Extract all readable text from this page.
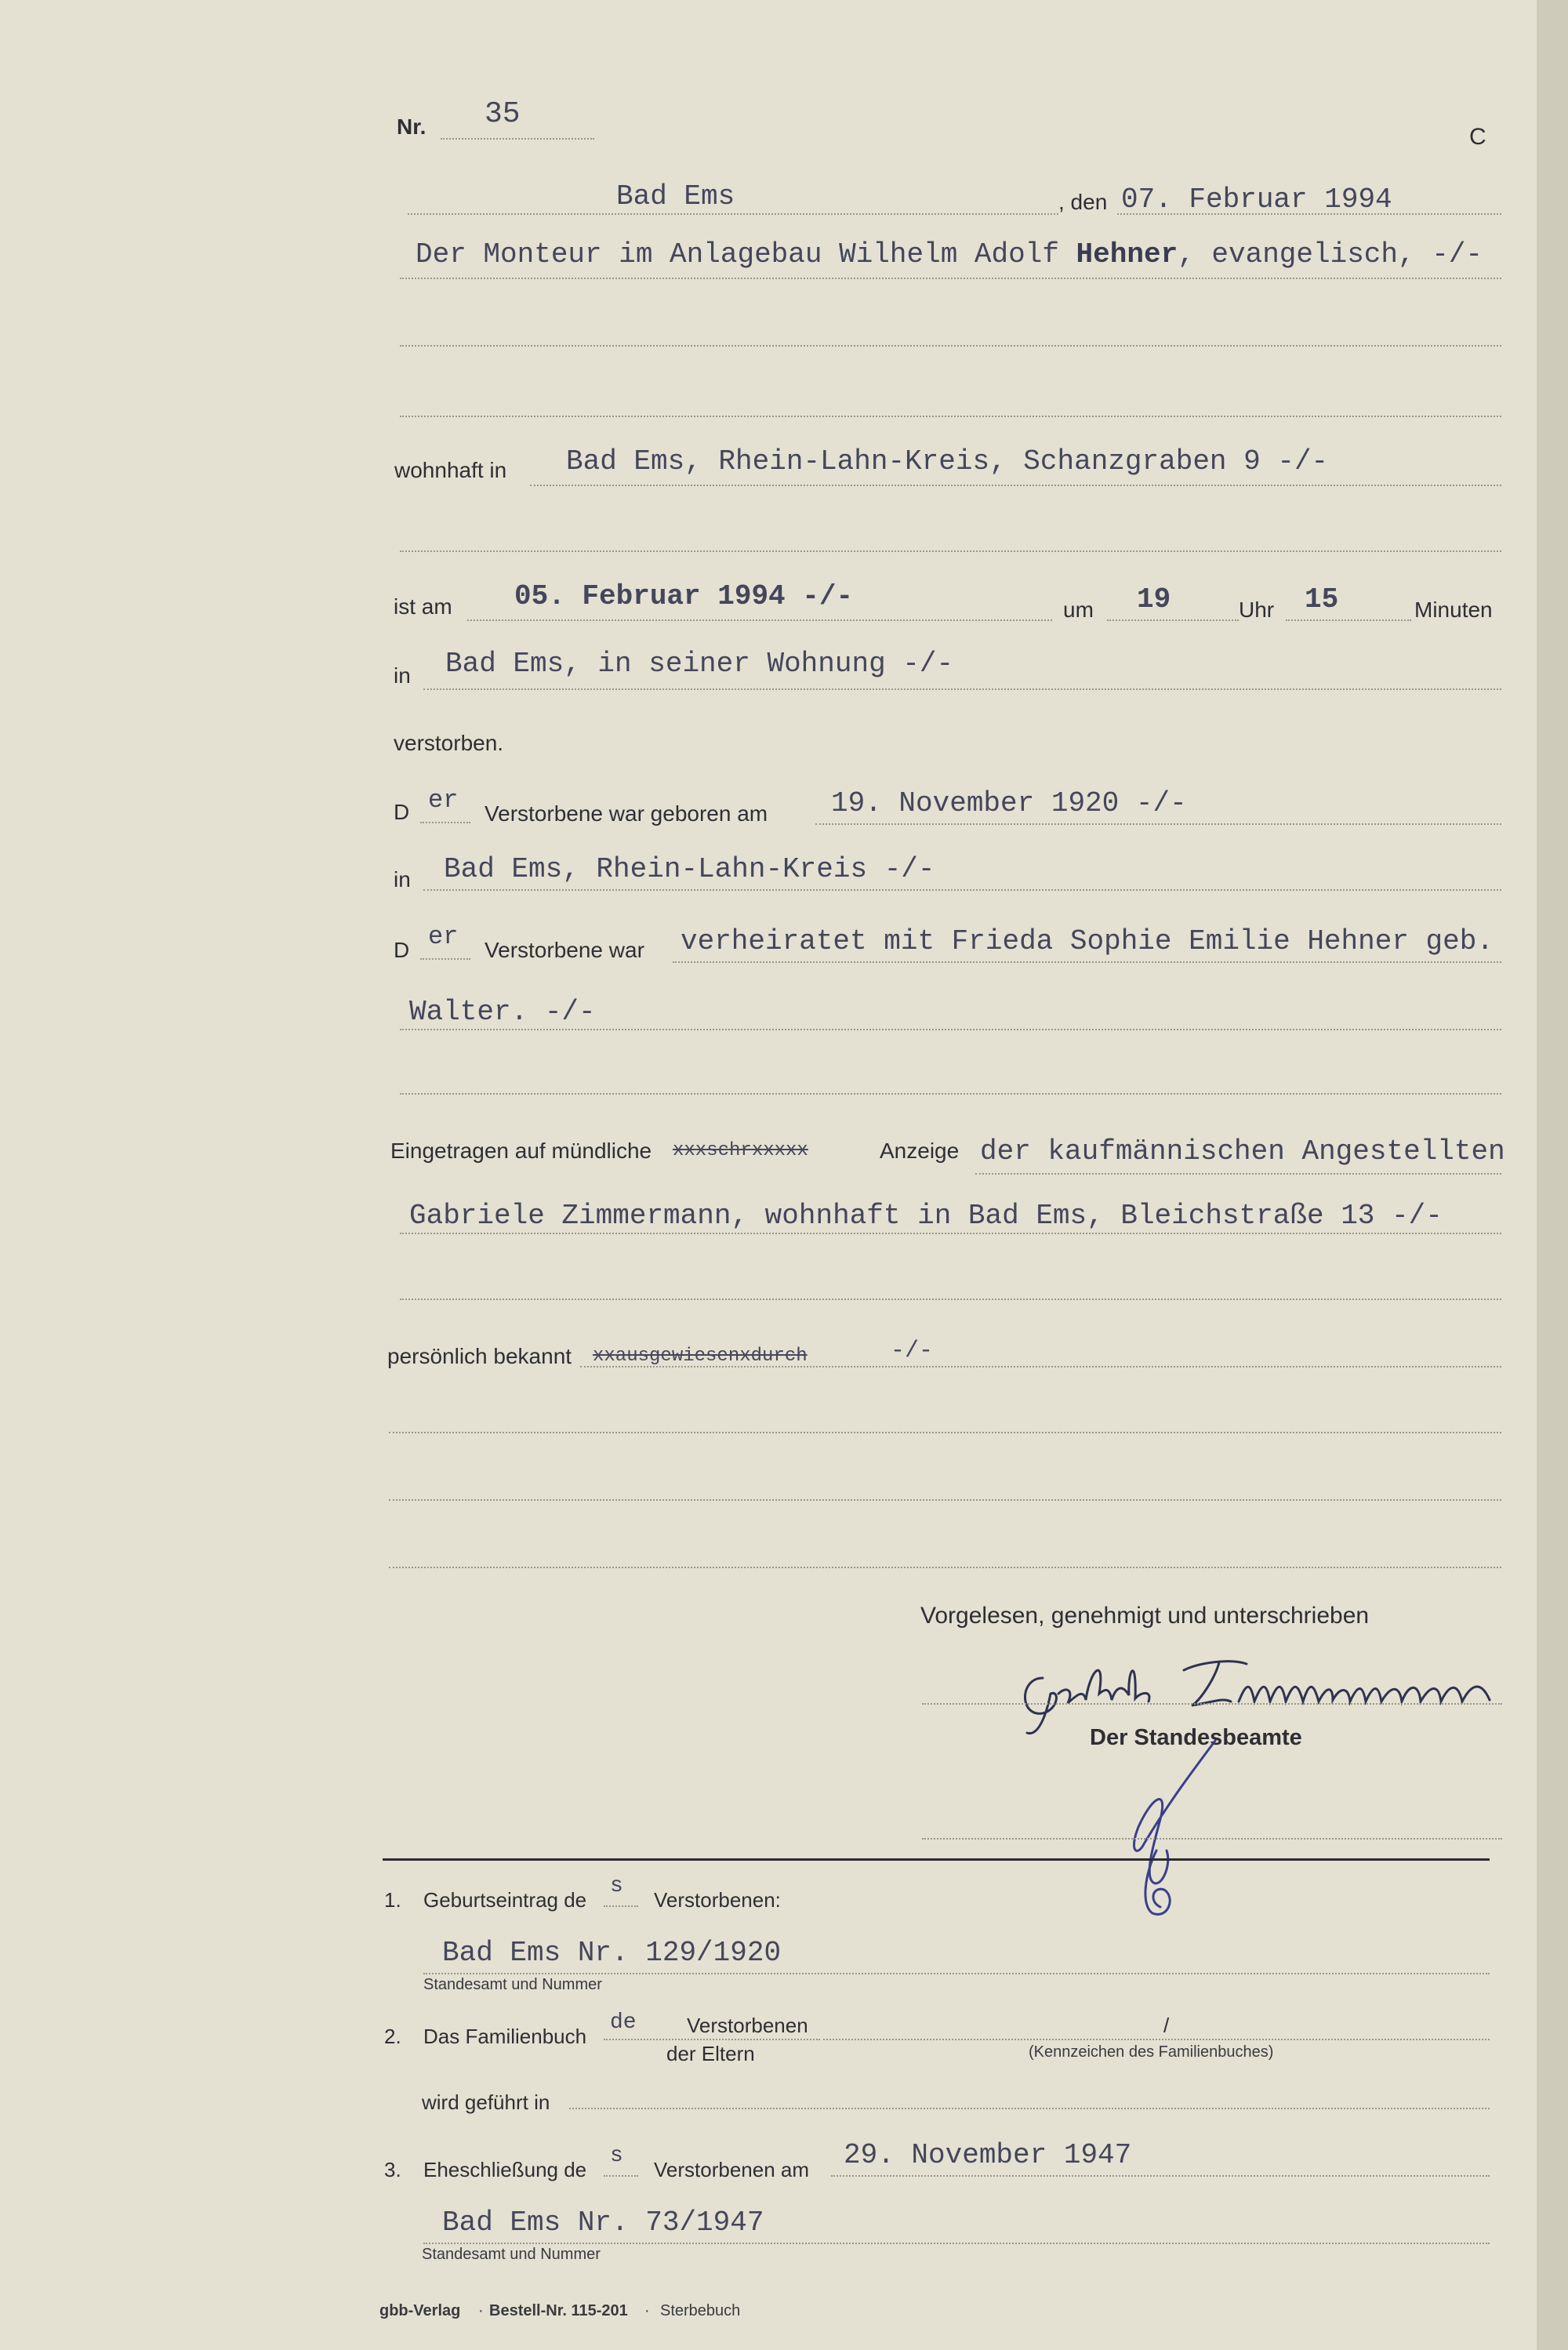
Nr. 35
C
Bad Ems	, den 07. Februar 1994
Der Monteur im Anlagebau Wilhelm Adolf Hehner, evangelisch, -/-
wohnhaft in Bad Ems, Rhein-Lahn-Kreis, Schanzgraben 9 -/-
ist am 05. Februar 1994 -/-	um 19	Uhr 15	Minuten
in Bad Ems, in seiner Wohnung -/-
verstorben.
D er Verstorbene war geboren am 19. November 1920 -/-
in Bad Ems, Rhein-Lahn-Kreis -/-
D er Verstorbene war verheiratet mit Frieda Sophie Emilie Hehner geb.
Walter. -/-
Eingetragen auf mündliche xxxschrxxxxx	Anzeige der kaufmännischen Angestellten
Gabriele Zimmermann, wohnhaft in Bad Ems, Bleichstraße 13 -/-
persönlich bekannt xxausgewiesenxdurch	-/-
Vorgelesen, genehmigt und unterschrieben
Der Standesbeamte
1. Geburtseintrag de
s
Verstorbenen:
Bad Ems Nr. 129/1920
Standesamt und Nummer
2. Das Familienbuch
de Verstorbenen
der Eltern
/
(Kennzeichen des Familienbuches)
wird geführt in
3. Eheschließung de
s
Verstorbenen am 29. November 1947
Bad Ems Nr. 73/1947
Standesamt und Nummer
gbb-Verlag · Bestell-Nr. 115-201 · Sterbebuch
